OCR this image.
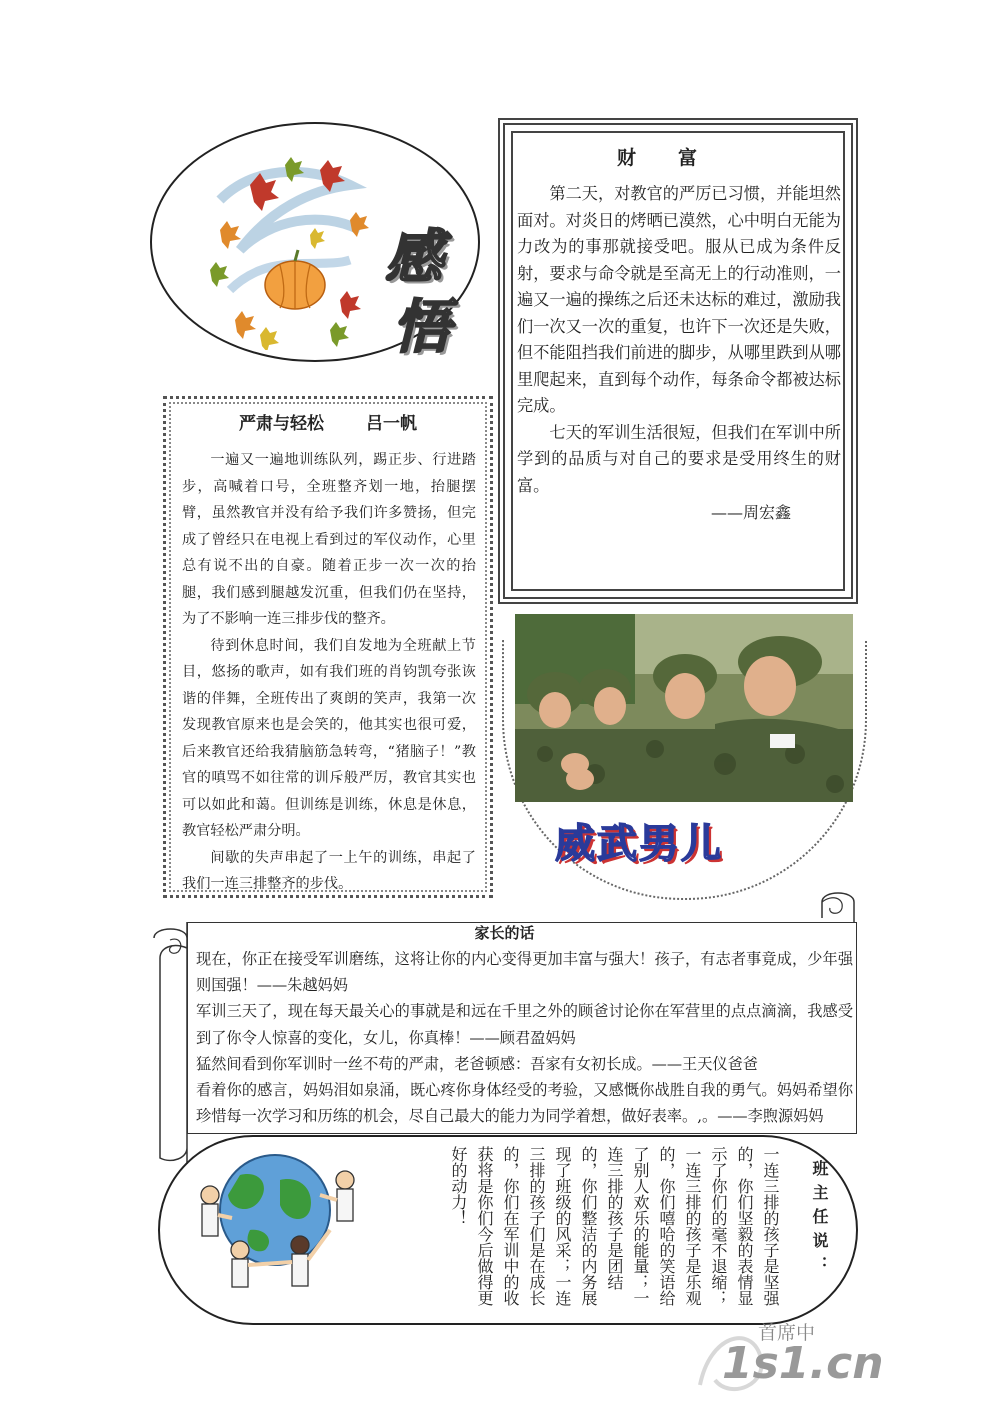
感
悟
财富

第二天，对教官的严厉已习惯，并能坦然面对。对炎日的烤晒已漠然，心中明白无能为力改为的事那就接受吧。服从已成为条件反射，要求与命令就是至高无上的行动准则，一遍又一遍的操练之后还未达标的难过，激励我们一次又一次的重复，也许下一次还是失败，但不能阻挡我们前进的脚步，从哪里跌到从哪里爬起来，直到每个动作，每条命令都被达标完成。

七天的军训生活很短，但我们在军训中所学到的品质与对自己的要求是受用终生的财富。

——周宏鑫
严肃与轻松 吕一帆

一遍又一遍地训练队列，踢正步、行进踏步，高喊着口号，全班整齐划一地，抬腿摆臂，虽然教官并没有给予我们许多赞扬，但完成了曾经只在电视上看到过的军仪动作，心里总有说不出的自豪。随着正步一次一次的抬腿，我们感到腿越发沉重，但我们仍在坚持，为了不影响一连三排步伐的整齐。

待到休息时间，我们自发地为全班献上节目，悠扬的歌声，如有我们班的肖钧凯夸张诙谐的伴舞，全班传出了爽朗的笑声，我第一次发现教官原来也是会笑的，他其实也很可爱，后来教官还给我猜脑筋急转弯，“猪脑子！”教官的嗔骂不如往常的训斥般严厉，教官其实也可以如此和蔼。但训练是训练，休息是休息，教官轻松严肃分明。

间歇的失声串起了一上午的训练，串起了我们一连三排整齐的步伐。

威武男儿
家长的话

现在，你正在接受军训磨练，这将让你的内心变得更加丰富与强大！孩子，有志者事竟成，少年强则国强！——朱越妈妈

军训三天了，现在每天最关心的事就是和远在千里之外的顾爸讨论你在军营里的点点滴滴，我感受到了你令人惊喜的变化，女儿，你真棒！——顾君盈妈妈

猛然间看到你军训时一丝不苟的严肃，老爸顿感：吾家有女初长成。——王天仪爸爸

看着你的感言，妈妈泪如泉涌，既心疼你身体经受的考验，又感慨你战胜自我的勇气。妈妈希望你珍惜每一次学习和历练的机会，尽自己最大的能力为同学着想，做好表率。,。——李煦源妈妈

一连三排的孩子是坚强的，你们坚毅的表情显示了你们的毫不退缩；一连三排的孩子是乐观的，你们嘻哈的笑语给了别人欢乐的能量；一连三排的孩子是团结的，你们整洁的内务展现了班级的风采；一连三排的孩子们是在成长的，你们在军训中的收获将是你们今后做得更好的动力！	班主任说：
首席中
1s1.cn
